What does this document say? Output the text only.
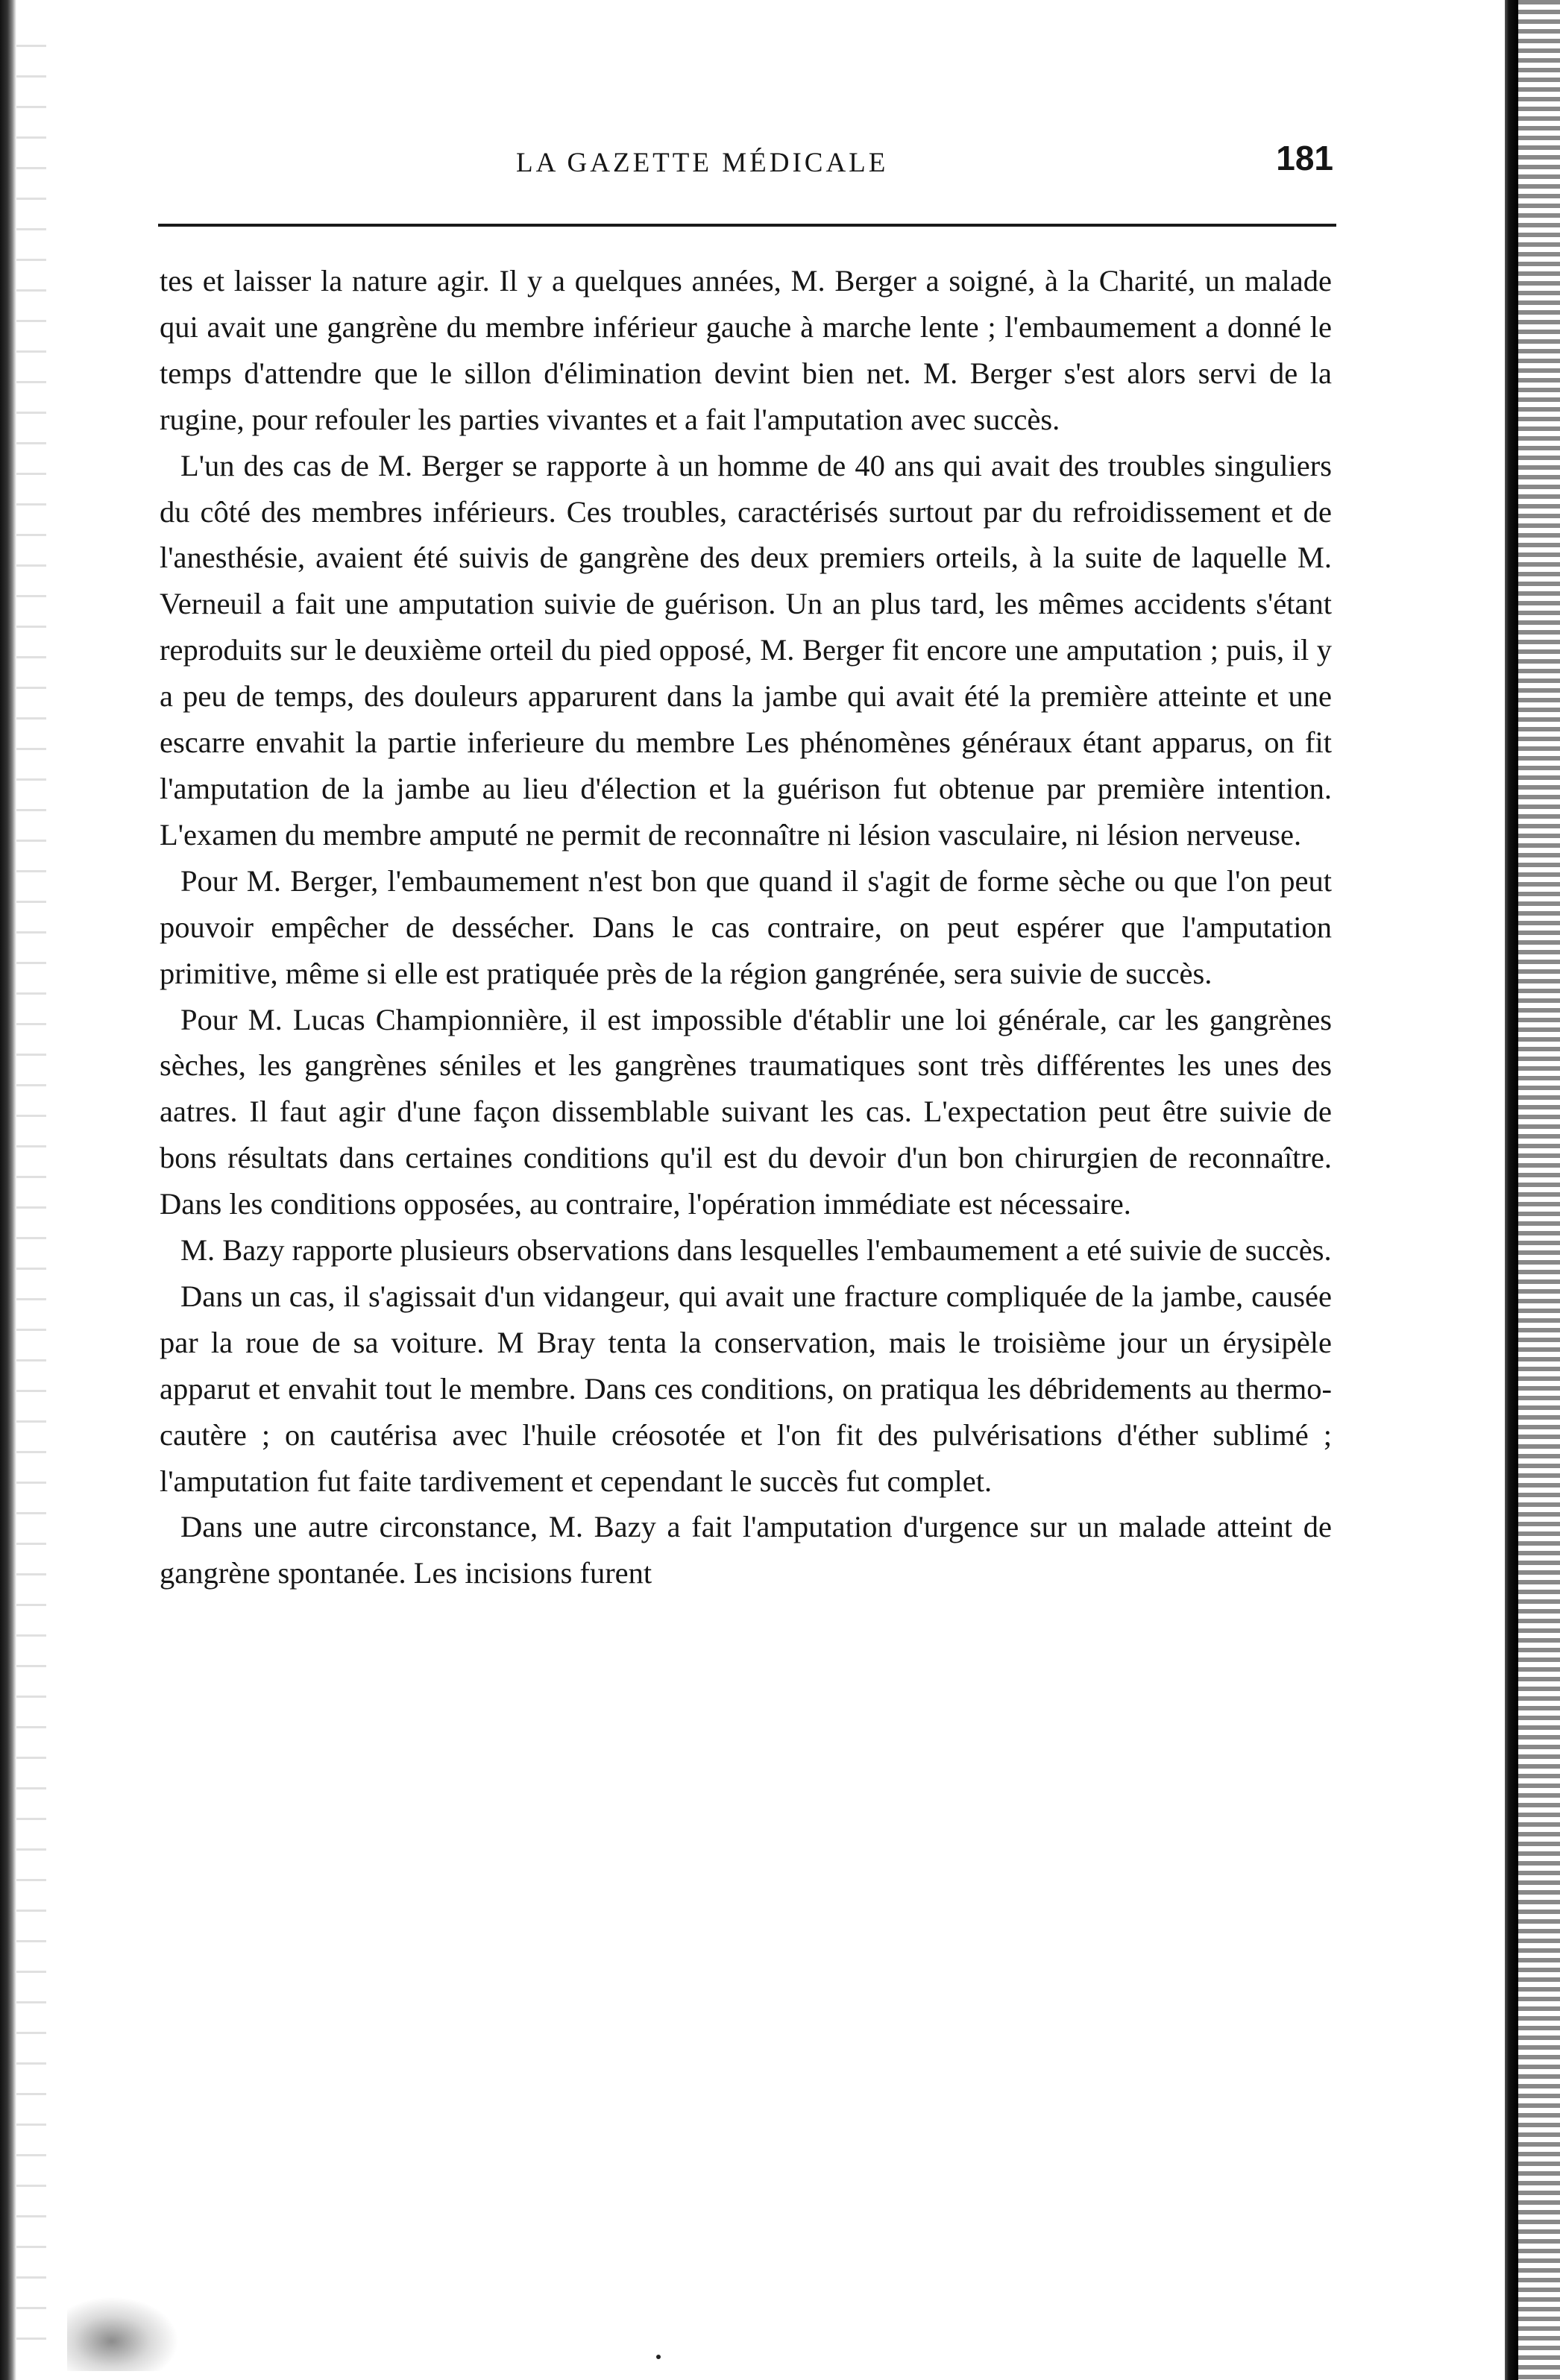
LA GAZETTE MÉDICALE	181

tes et laisser la nature agir. Il y a quelques années, M. Berger a soigné, à la Charité, un malade qui avait une gangrène du membre inférieur gauche à marche lente ; l'embaumement a donné le temps d'attendre que le sillon d'élimination devint bien net. M. Berger s'est alors servi de la rugine, pour refouler les parties vivantes et a fait l'amputation avec succès.

L'un des cas de M. Berger se rapporte à un homme de 40 ans qui avait des troubles singuliers du côté des membres inférieurs. Ces troubles, caractérisés surtout par du refroidissement et de l'anesthésie, avaient été suivis de gangrène des deux premiers orteils, à la suite de laquelle M. Verneuil a fait une amputation suivie de guérison. Un an plus tard, les mêmes accidents s'étant reproduits sur le deuxième orteil du pied opposé, M. Berger fit encore une amputation ; puis, il y a peu de temps, des douleurs apparurent dans la jambe qui avait été la première atteinte et une escarre envahit la partie inferieure du membre Les phénomènes généraux étant apparus, on fit l'amputation de la jambe au lieu d'élection et la guérison fut obtenue par première intention. L'examen du membre amputé ne permit de reconnaître ni lésion vasculaire, ni lésion nerveuse.

Pour M. Berger, l'embaumement n'est bon que quand il s'agit de forme sèche ou que l'on peut pouvoir empêcher de dessécher. Dans le cas contraire, on peut espérer que l'amputation primitive, même si elle est pratiquée près de la région gangrénée, sera suivie de succès.

Pour M. Lucas Championnière, il est impossible d'établir une loi générale, car les gangrènes sèches, les gangrènes séniles et les gangrènes traumatiques sont très différentes les unes des aatres. Il faut agir d'une façon dissemblable suivant les cas. L'expectation peut être suivie de bons résultats dans certaines conditions qu'il est du devoir d'un bon chirurgien de reconnaître. Dans les conditions opposées, au contraire, l'opération immédiate est nécessaire.

M. Bazy rapporte plusieurs observations dans lesquelles l'embaumement a eté suivie de succès.

Dans un cas, il s'agissait d'un vidangeur, qui avait une fracture compliquée de la jambe, causée par la roue de sa voiture. M Bray tenta la conservation, mais le troisième jour un érysipèle apparut et envahit tout le membre. Dans ces conditions, on pratiqua les débridements au thermo-cautère ; on cautérisa avec l'huile créosotée et l'on fit des pulvérisations d'éther sublimé ; l'amputation fut faite tardivement et cependant le succès fut complet.

Dans une autre circonstance, M. Bazy a fait l'amputation d'urgence sur un malade atteint de gangrène spontanée. Les incisions furent
